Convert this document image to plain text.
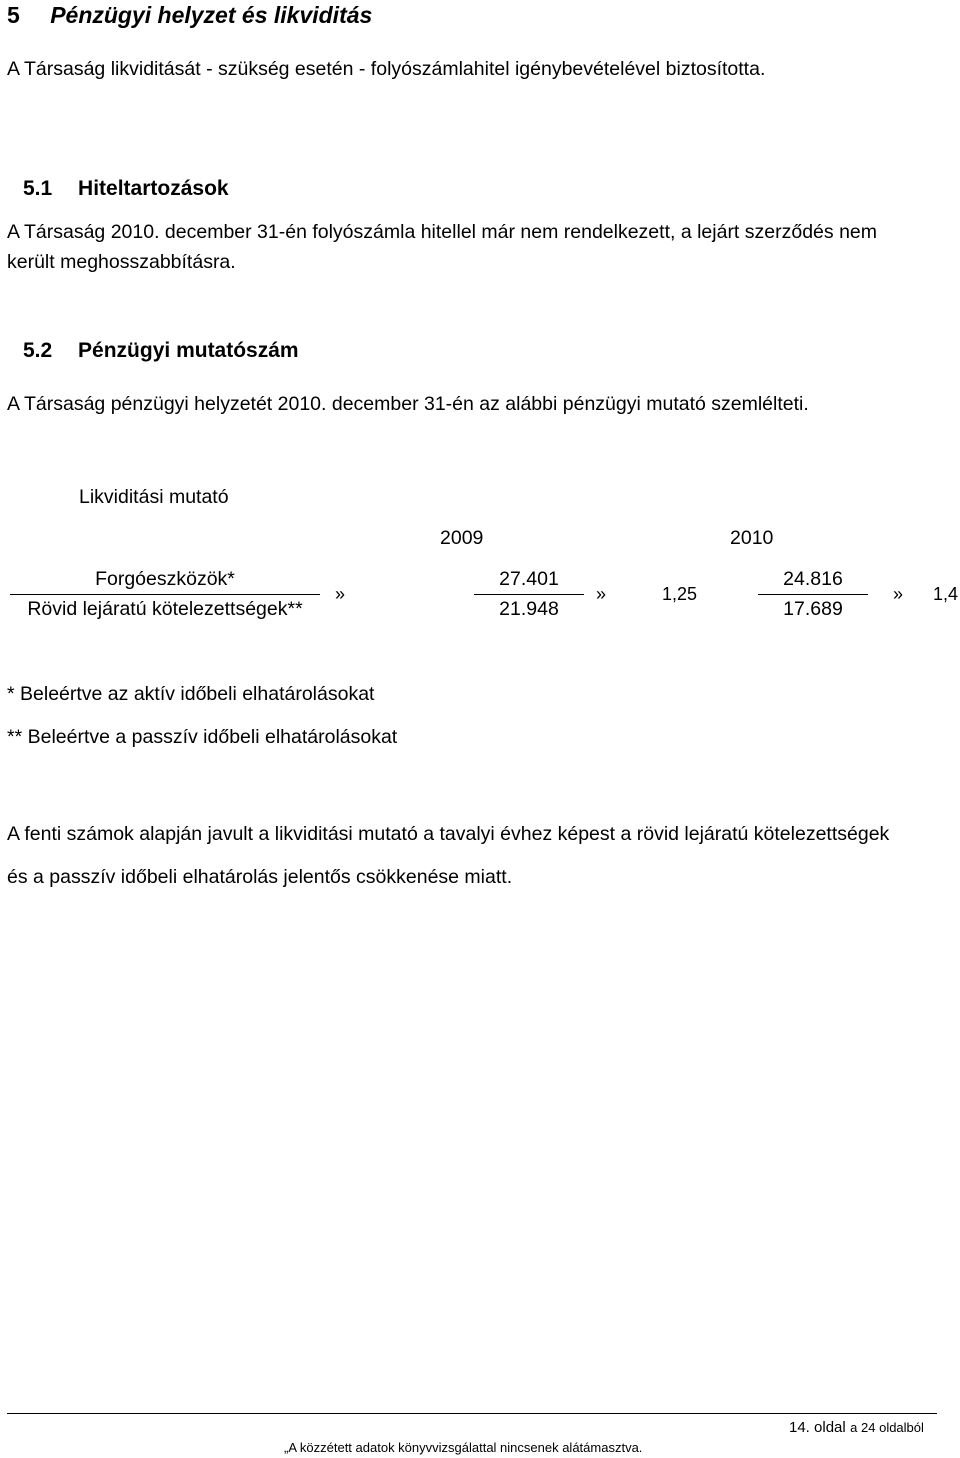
5 Pénzügyi helyzet és likviditás
A Társaság likviditását - szükség esetén - folyószámlahitel igénybevételével biztosította.
5.1 Hiteltartozások
A Társaság 2010. december 31-én folyószámla hitellel már nem rendelkezett, a lejárt szerződés nem
került meghosszabbításra.
5.2 Pénzügyi mutatószám
A Társaság pénzügyi helyzetét 2010. december 31-én az alábbi pénzügyi mutató szemlélteti.
Likviditási mutató
2009	2010
Forgóeszközök*
Rövid lejáratú kötelezettségek**
»
27.401
21.948
»	1,25
24.816
17.689
» 1,4
* Beleértve az aktív időbeli elhatárolásokat
** Beleértve a passzív időbeli elhatárolásokat
A fenti számok alapján javult a likviditási mutató a tavalyi évhez képest a rövid lejáratú kötelezettségek
és a passzív időbeli elhatárolás jelentős csökkenése miatt.
14. oldal a 24 oldalból
„A közzétett adatok könyvvizsgálattal nincsenek alátámasztva.
